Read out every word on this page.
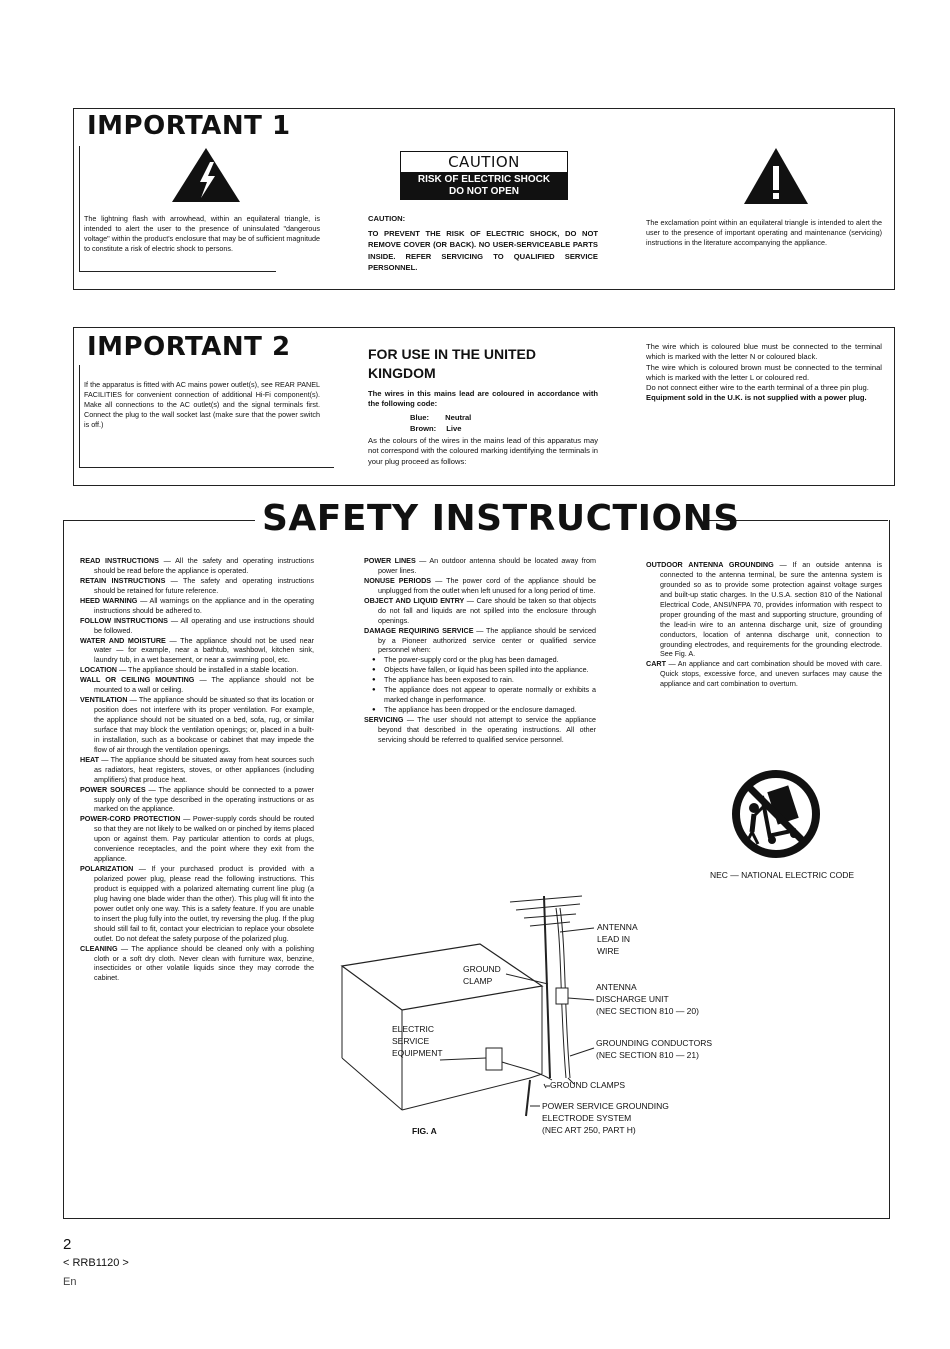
IMPORTANT 1
The lightning flash with arrowhead, within an equilateral triangle, is intended to alert the user to the presence of uninsulated "dangerous voltage" within the product's enclosure that may be of sufficient magnitude to constitute a risk of electric shock to persons.
CAUTION
RISK OF ELECTRIC SHOCK
DO NOT OPEN
CAUTION:
TO PREVENT THE RISK OF ELECTRIC SHOCK, DO NOT REMOVE COVER (OR BACK). NO USER-SERVICEABLE PARTS INSIDE. REFER SERVICING TO QUALIFIED SERVICE PERSONNEL.
The exclamation point within an equilateral triangle is intended to alert the user to the presence of important operating and maintenance (servicing) instructions in the literature accompanying the appliance.
IMPORTANT 2
If the apparatus is fitted with AC mains power outlet(s), see REAR PANEL FACILITIES for convenient connection of additional Hi-Fi component(s). Make all connections to the AC outlet(s) and the signal terminals first. Connect the plug to the wall socket last (make sure that the power switch is off.)
FOR USE IN THE UNITED KINGDOM
The wires in this mains lead are coloured in accordance with the following code:
Blue: Neutral
Brown: Live
As the colours of the wires in the mains lead of this apparatus may not correspond with the coloured marking identifying the terminals in your plug proceed as follows:
The wire which is coloured blue must be connected to the terminal which is marked with the letter N or coloured black.
The wire which is coloured brown must be connected to the terminal which is marked with the letter L or coloured red.
Do not connect either wire to the earth terminal of a three pin plug.
Equipment sold in the U.K. is not supplied with a power plug.
SAFETY INSTRUCTIONS

READ INSTRUCTIONS — All the safety and operating instructions should be read before the appliance is operated.

RETAIN INSTRUCTIONS — The safety and operating instructions should be retained for future reference.

HEED WARNING — All warnings on the appliance and in the operating instructions should be adhered to.

FOLLOW INSTRUCTIONS — All operating and use instructions should be followed.

WATER AND MOISTURE — The appliance should not be used near water — for example, near a bathtub, washbowl, kitchen sink, laundry tub, in a wet basement, or near a swimming pool, etc.

LOCATION — The appliance should be installed in a stable location.

WALL OR CEILING MOUNTING — The appliance should not be mounted to a wall or ceiling.

VENTILATION — The appliance should be situated so that its location or position does not interfere with its proper ventilation. For example, the appliance should not be situated on a bed, sofa, rug, or similar surface that may block the ventilation openings; or, placed in a built-in installation, such as a bookcase or cabinet that may impede the flow of air through the ventilation openings.

HEAT — The appliance should be situated away from heat sources such as radiators, heat registers, stoves, or other appliances (including amplifiers) that produce heat.

POWER SOURCES — The appliance should be connected to a power supply only of the type described in the operating instructions or as marked on the appliance.

POWER-CORD PROTECTION — Power-supply cords should be routed so that they are not likely to be walked on or pinched by items placed upon or against them. Pay particular attention to cords at plugs, convenience receptacles, and the point where they exit from the appliance.

POLARIZATION — If your purchased product is provided with a polarized power plug, please read the following instructions. This product is equipped with a polarized alternating current line plug (a plug having one blade wider than the other). This plug will fit into the power outlet only one way. This is a safety feature. If you are unable to insert the plug fully into the outlet, try reversing the plug. If the plug should still fail to fit, contact your electrician to replace your obsolete outlet. Do not defeat the safety purpose of the polarized plug.

CLEANING — The appliance should be cleaned only with a polishing cloth or a soft dry cloth. Never clean with furniture wax, benzine, insecticides or other volatile liquids since they may corrode the cabinet.

POWER LINES — An outdoor antenna should be located away from power lines.

NONUSE PERIODS — The power cord of the appliance should be unplugged from the outlet when left unused for a long period of time.

OBJECT AND LIQUID ENTRY — Care should be taken so that objects do not fall and liquids are not spilled into the enclosure through openings.

DAMAGE REQUIRING SERVICE — The appliance should be serviced by a Pioneer authorized service center or qualified service personnel when:

● The power-supply cord or the plug has been damaged.

● Objects have fallen, or liquid has been spilled into the appliance.

● The appliance has been exposed to rain.

● The appliance does not appear to operate normally or exhibits a marked change in performance.

● The appliance has been dropped or the enclosure damaged.

SERVICING — The user should not attempt to service the appliance beyond that described in the operating instructions. All other servicing should be referred to qualified service personnel.

OUTDOOR ANTENNA GROUNDING — If an outside antenna is connected to the antenna terminal, be sure the antenna system is grounded so as to provide some protection against voltage surges and built-up static charges. In the U.S.A. section 810 of the National Electrical Code, ANSI/NFPA 70, provides information with respect to proper grounding of the mast and supporting structure, grounding of the lead-in wire to an antenna discharge unit, size of grounding conductors, location of antenna discharge unit, connection to grounding electrodes, and requirements for the grounding electrode. See Fig. A.

CART — An appliance and cart combination should be moved with care. Quick stops, excessive force, and uneven surfaces may cause the appliance and cart combination to overturn.

NEC — NATIONAL ELECTRIC CODE
ANTENNA
LEAD IN
WIRE
GROUND
CLAMP
ANTENNA
DISCHARGE UNIT
(NEC SECTION 810 — 20)
ELECTRIC
SERVICE
EQUIPMENT
GROUNDING CONDUCTORS
(NEC SECTION 810 — 21)
GROUND CLAMPS
POWER SERVICE GROUNDING
ELECTRODE SYSTEM
(NEC ART 250, PART H)
FIG. A
2
< RRB1120 >
En
